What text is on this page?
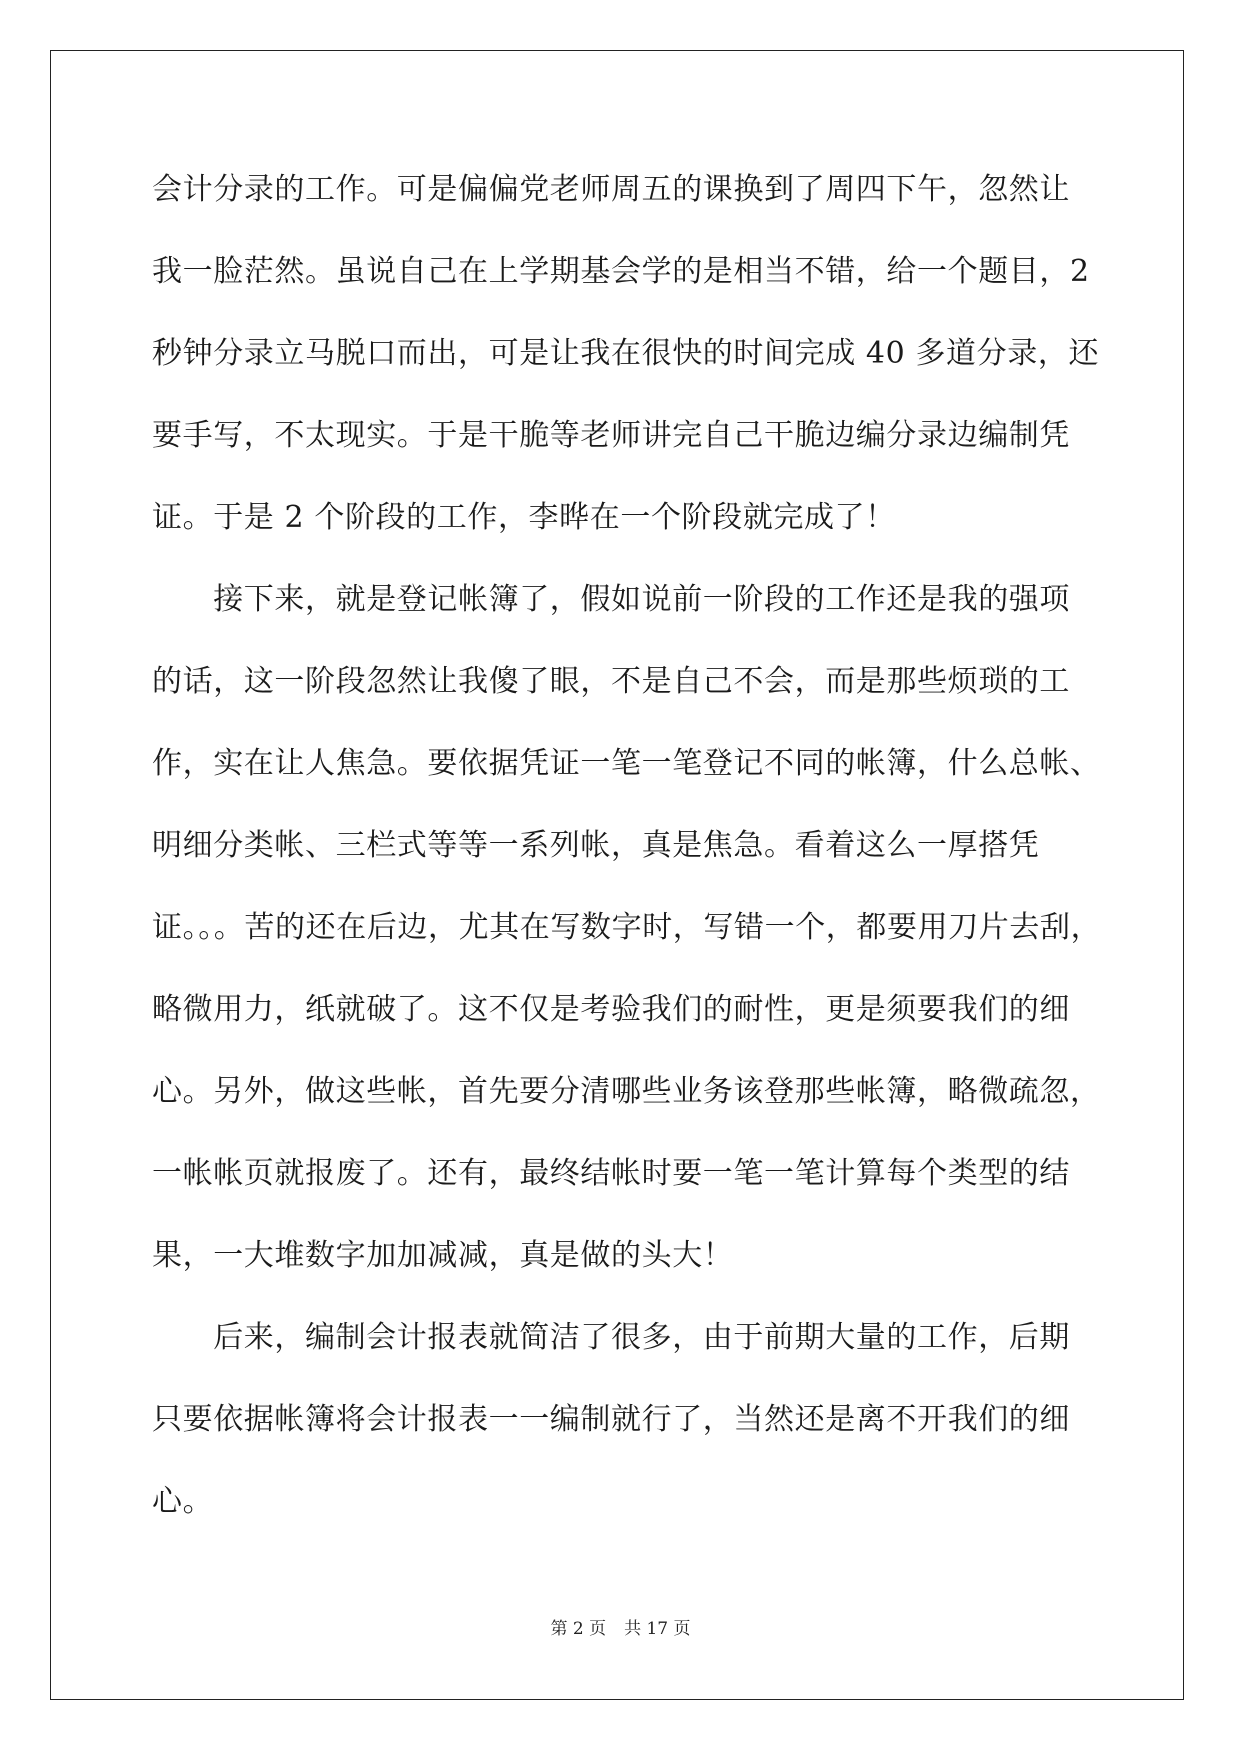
会计分录的工作。可是偏偏党老师周五的课换到了周四下午，忽然让
我一脸茫然。虽说自己在上学期基会学的是相当不错，给一个题目，2
秒钟分录立马脱口而出，可是让我在很快的时间完成 40 多道分录，还
要手写，不太现实。于是干脆等老师讲完自己干脆边编分录边编制凭
证。于是 2 个阶段的工作，李晔在一个阶段就完成了！
　　接下来，就是登记帐簿了，假如说前一阶段的工作还是我的强项
的话，这一阶段忽然让我傻了眼，不是自己不会，而是那些烦琐的工
作，实在让人焦急。要依据凭证一笔一笔登记不同的帐簿，什么总帐、
明细分类帐、三栏式等等一系列帐，真是焦急。看着这么一厚搭凭
证。。。苦的还在后边，尤其在写数字时，写错一个，都要用刀片去刮，
略微用力，纸就破了。这不仅是考验我们的耐性，更是须要我们的细
心。另外，做这些帐，首先要分清哪些业务该登那些帐簿，略微疏忽，
一帐帐页就报废了。还有，最终结帐时要一笔一笔计算每个类型的结
果，一大堆数字加加减减，真是做的头大！
　　后来，编制会计报表就简洁了很多，由于前期大量的工作，后期
只要依据帐簿将会计报表一一编制就行了，当然还是离不开我们的细
心。
第 2 页 共 17 页
